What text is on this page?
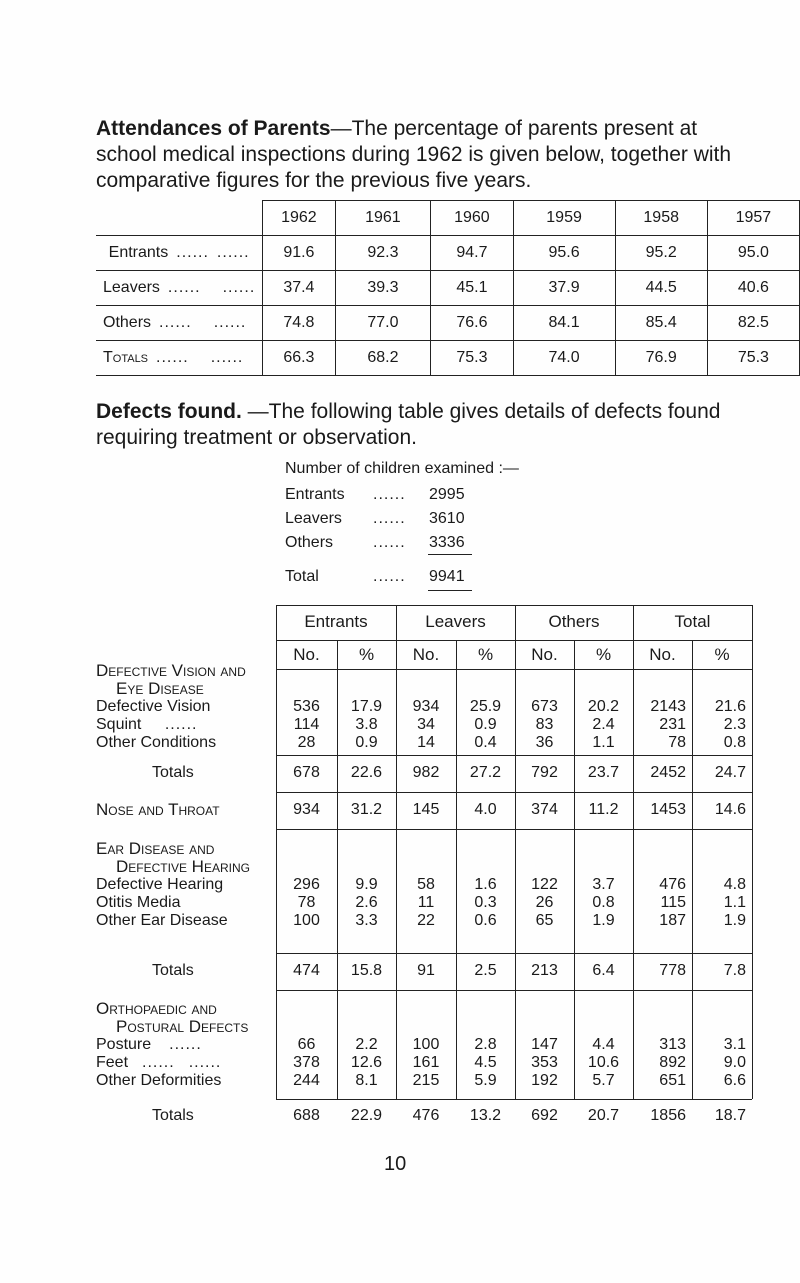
Attendances of Parents—The percentage of parents present at school medical inspections during 1962 is given below, together with comparative figures for the previous five years.

	1962	1961	1960	1959	1958	1957
Entrants ...... ......	91.6	92.3	94.7	95.6	95.2	95.0
Leavers ...... ......	37.4	39.3	45.1	37.9	44.5	40.6
Others ...... ......	74.8	77.0	76.6	84.1	85.4	82.5
Totals ...... ......	66.3	68.2	75.3	74.0	76.9	75.3

Defects found. —The following table gives details of defects found requiring treatment or observation.

Number of children examined :—
Entrants ...... 2995
Leavers ...... 3610
Others ...... 3336
Total	...... 9941
Entrants	Leavers	Others	Total
No.	%	No.	%	No.	%	No.	%
Defective Vision and
Eye Disease
Defective Vision	536	17.9	934	25.9	673	20.2	2143	21.6
Squint ......	114	3.8	34	0.9	83	2.4	231	2.3
Other Conditions	28	0.9	14	0.4	36	1.1	78	0.8
Totals	678	22.6	982	27.2	792	23.7	2452	24.7
Nose and Throat	934	31.2	145	4.0	374	11.2	1453	14.6
Ear Disease and
Defective Hearing
Defective Hearing	296	9.9	58	1.6	122	3.7	476	4.8
Otitis Media	78	2.6	11	0.3	26	0.8	115	1.1
Other Ear Disease	100	3.3	22	0.6	65	1.9	187	1.9
Totals	474	15.8	91	2.5	213	6.4	778	7.8
Orthopaedic and
Postural Defects
Posture ......	66	2.2	100	2.8	147	4.4	313	3.1
Feet ...... ......	378	12.6	161	4.5	353	10.6	892	9.0
Other Deformities	244	8.1	215	5.9	192	5.7	651	6.6
Totals	688	22.9	476	13.2	692	20.7	1856	18.7
10
